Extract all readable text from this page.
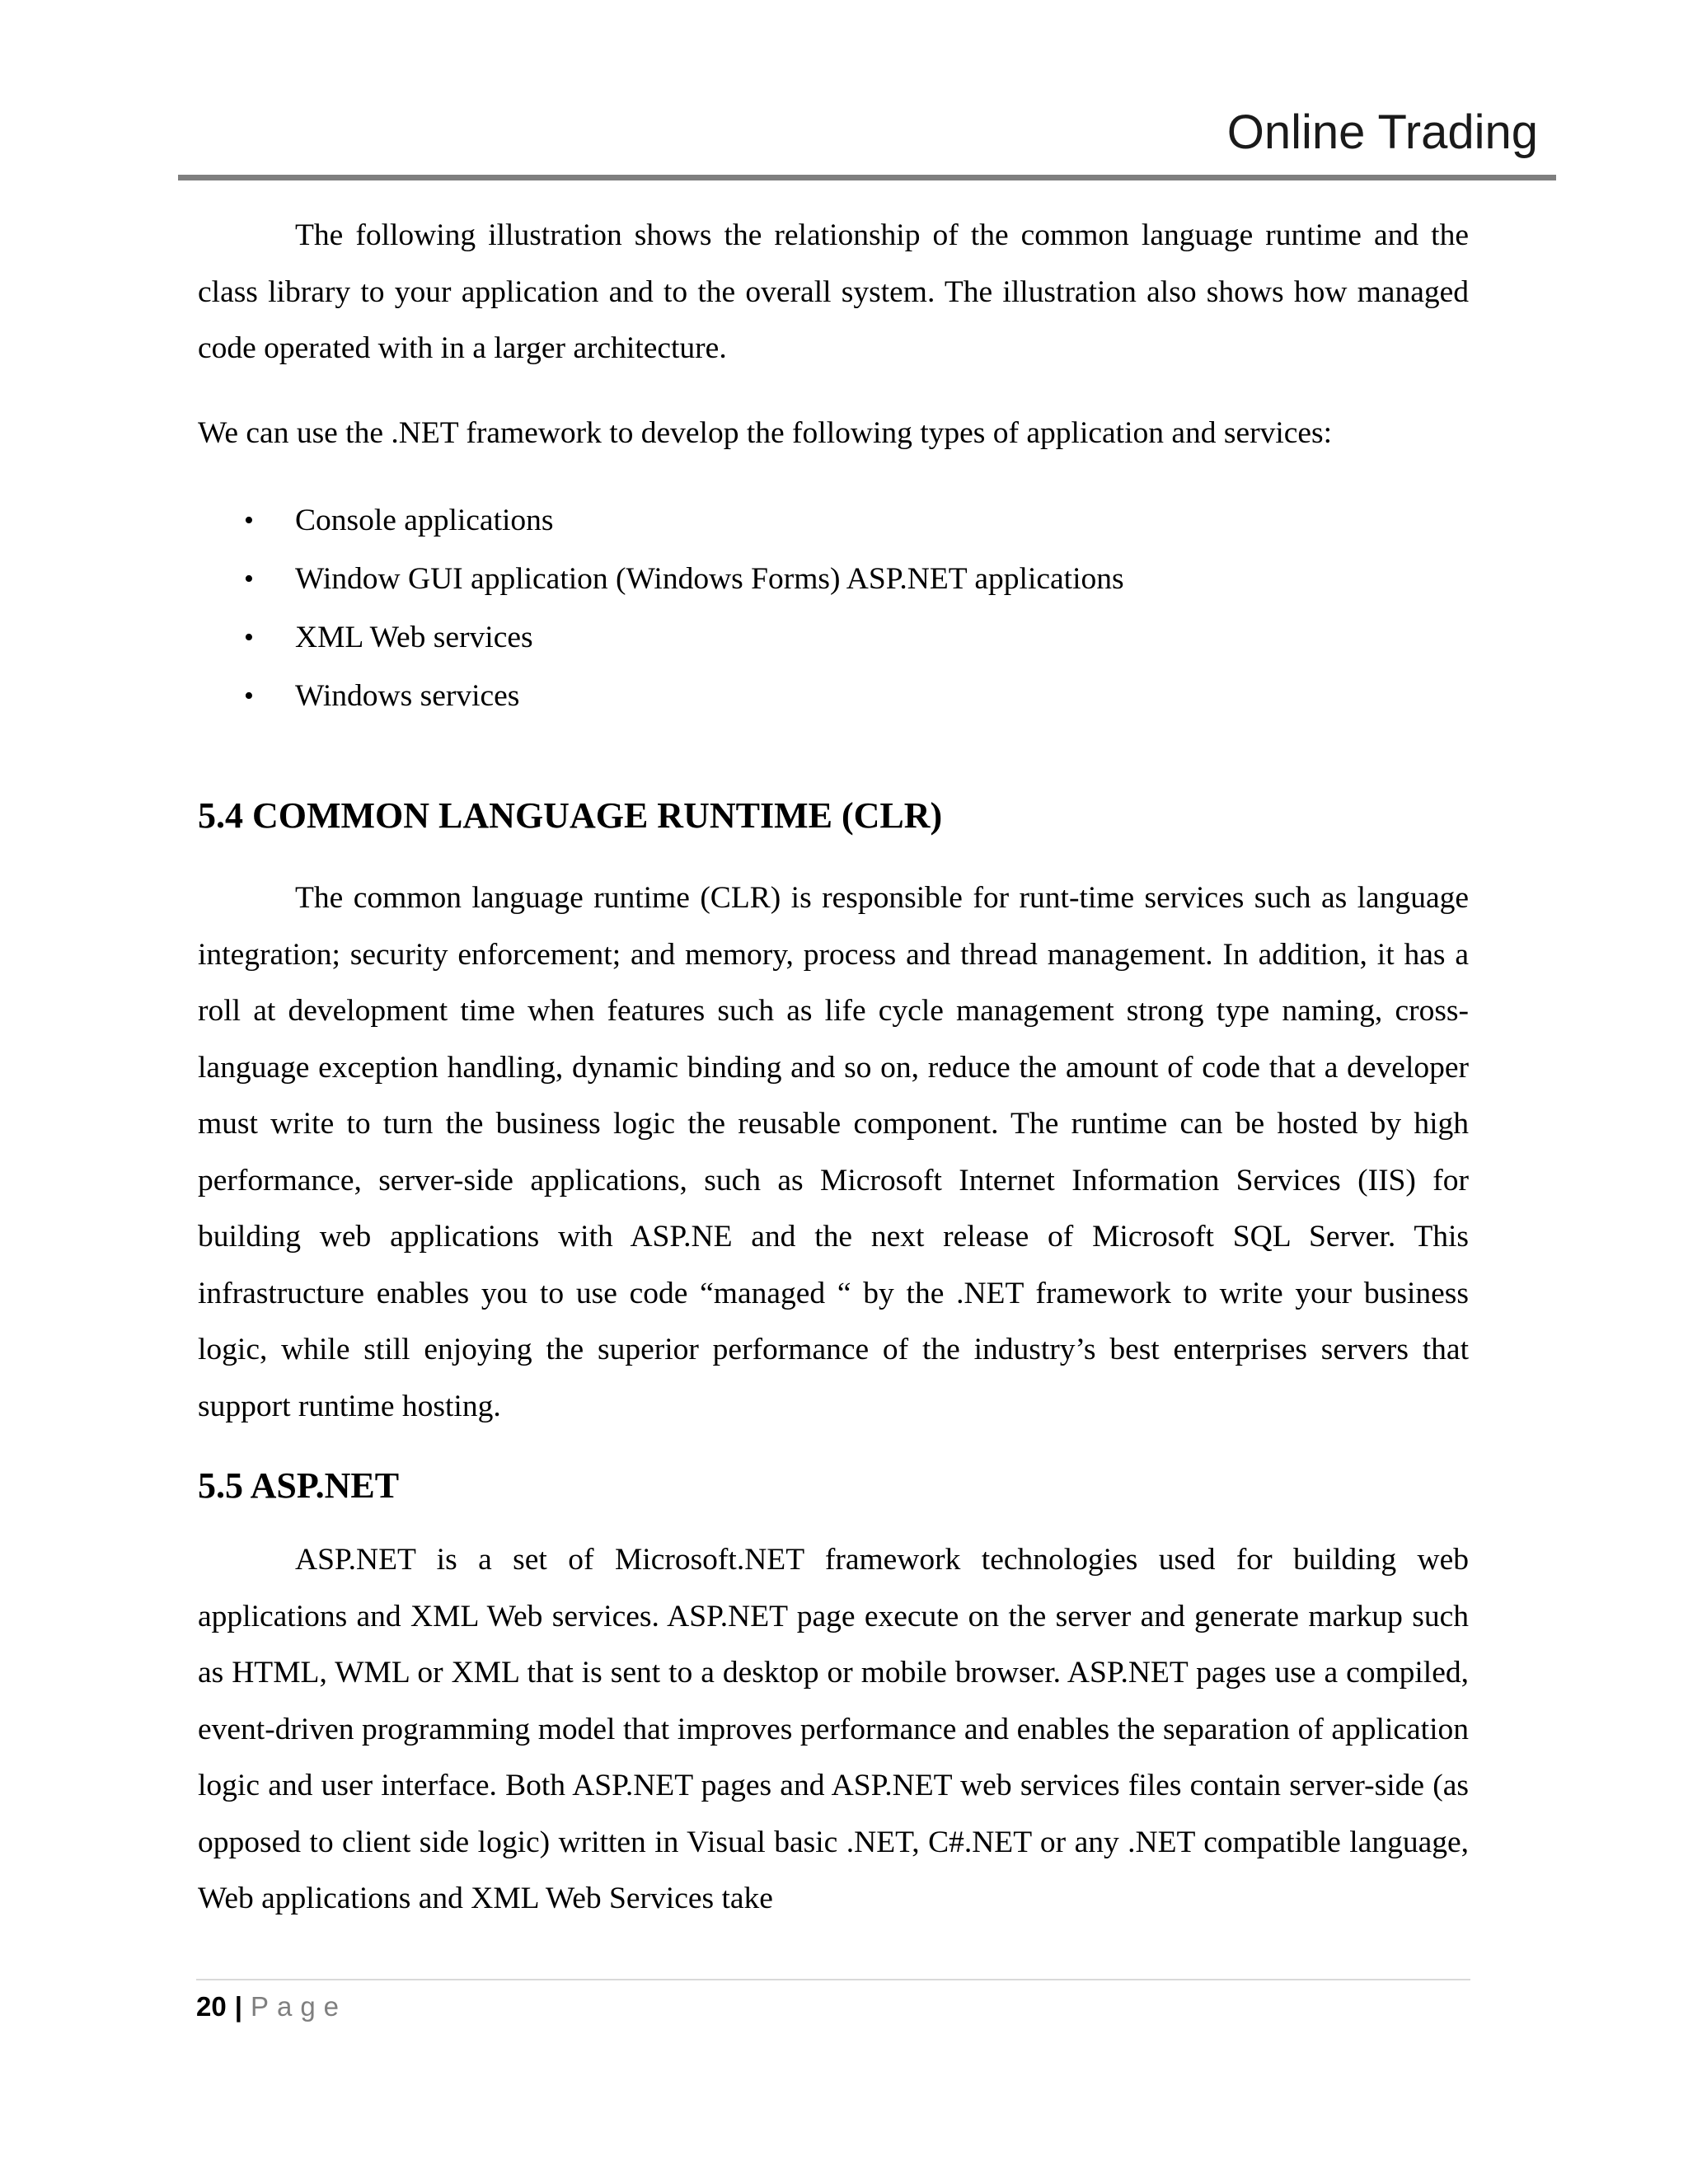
Online Trading

The following illustration shows the relationship of the common language runtime and the class library to your application and to the overall system. The illustration also shows how managed code operated with in a larger architecture.

We can use the .NET framework to develop the following types of application and services:

• Console applications
• Window GUI application (Windows Forms) ASP.NET applications
• XML Web services
• Windows services
5.4 COMMON LANGUAGE RUNTIME (CLR)

The common language runtime (CLR) is responsible for runt-time services such as language integration; security enforcement; and memory, process and thread management. In addition, it has a roll at development time when features such as life cycle management strong type naming, cross-language exception handling, dynamic binding and so on, reduce the amount of code that a developer must write to turn the business logic the reusable component. The runtime can be hosted by high performance, server-side applications, such as Microsoft Internet Information Services (IIS) for building web applications with ASP.NE and the next release of Microsoft SQL Server. This infrastructure enables you to use code “managed “ by the .NET framework to write your business logic, while still enjoying the superior performance of the industry’s best enterprises servers that support runtime hosting.

5.5 ASP.NET

ASP.NET is a set of Microsoft.NET framework technologies used for building web applications and XML Web services. ASP.NET page execute on the server and generate markup such as HTML, WML or XML that is sent to a desktop or mobile browser. ASP.NET pages use a compiled, event-driven programming model that improves performance and enables the separation of application logic and user interface. Both ASP.NET pages and ASP.NET web services files contain server-side (as opposed to client side logic) written in Visual basic .NET, C#.NET or any .NET compatible language, Web applications and XML Web Services take

20 | Page
